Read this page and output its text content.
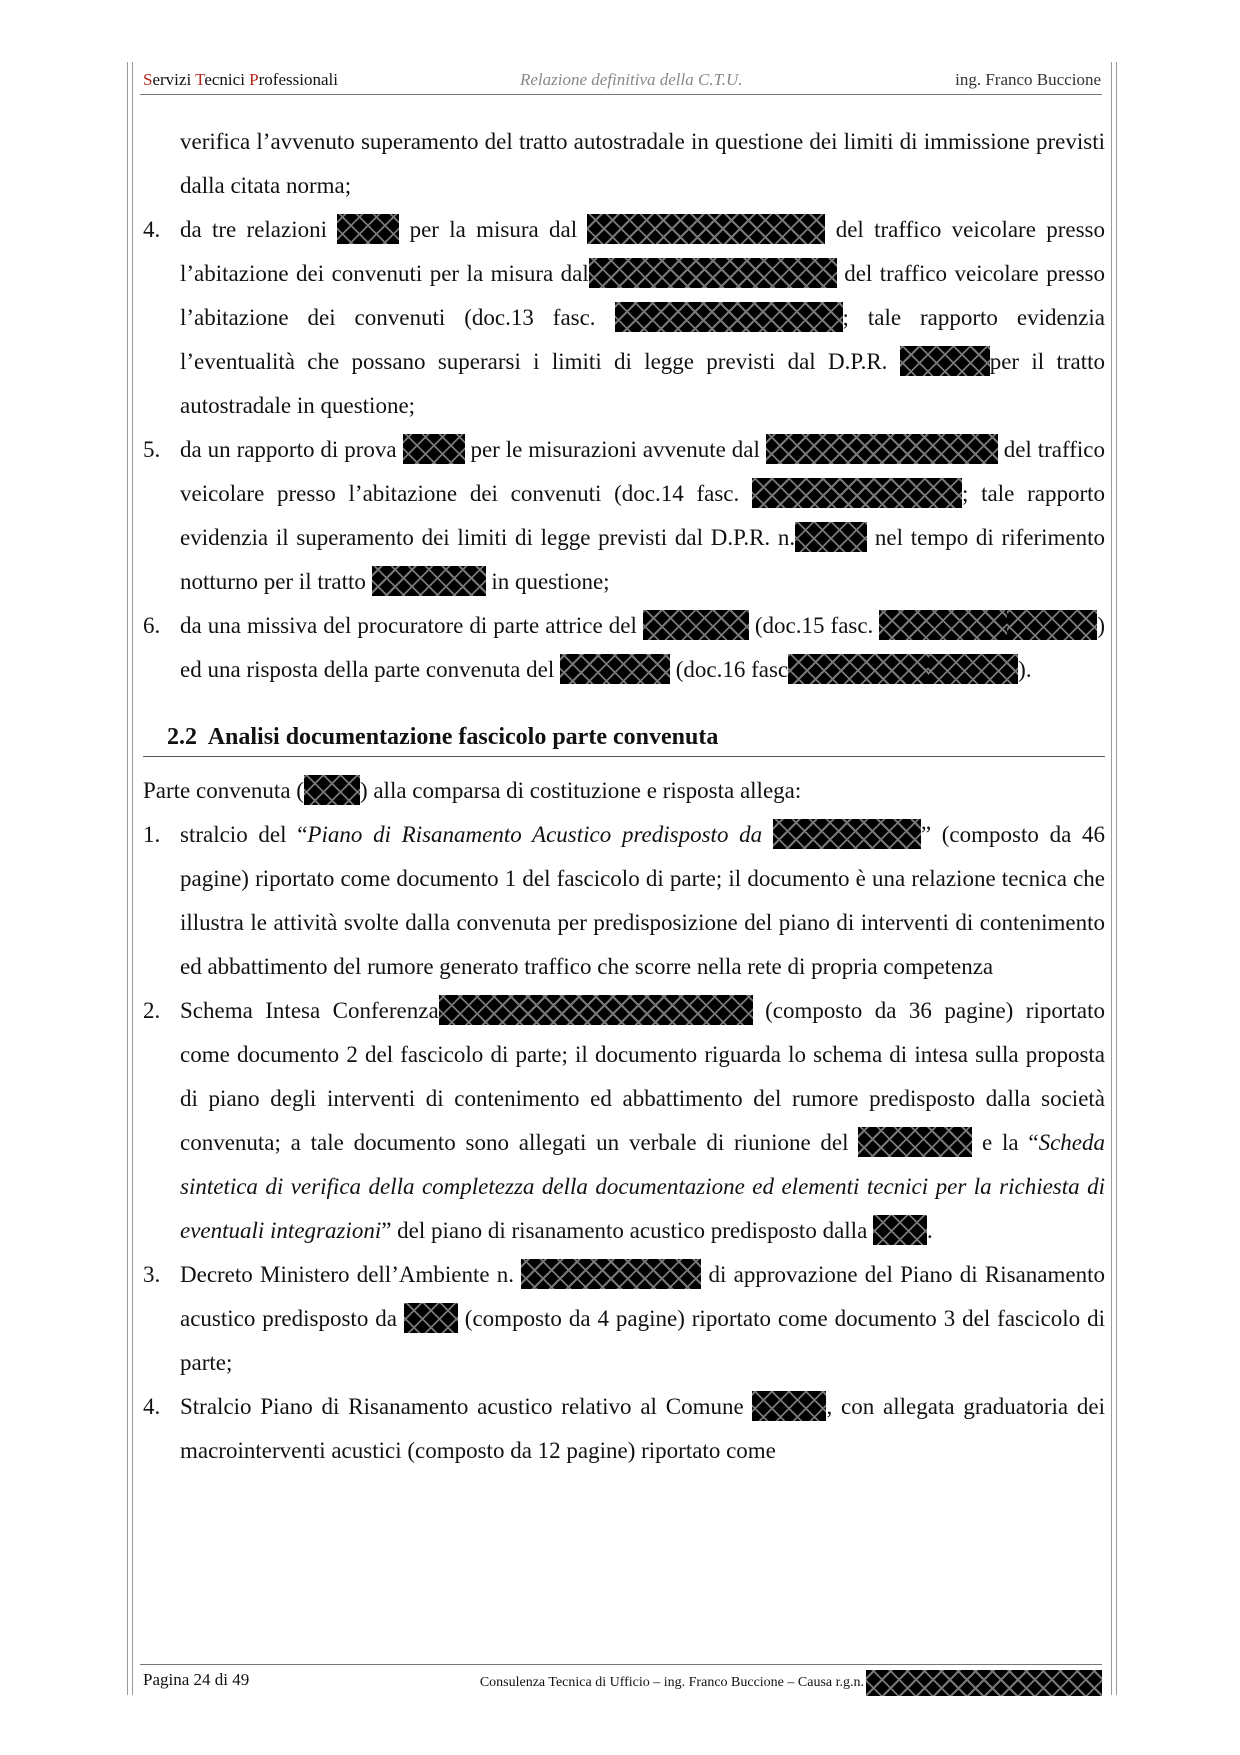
Servizi Tecnici Professionali	Relazione definitiva della C.T.U.	ing. Franco Buccione
verifica l’avvenuto superamento del tratto autostradale in questione dei limiti di immissione previsti dalla citata norma;
4. da tre relazioni	per la misura dal	del traffico veicolare presso l’abitazione dei convenuti per la misura dal	del traffico veicolare presso l’abitazione dei convenuti (doc.13 fasc.	; tale rapporto evidenzia l’eventualità che possano superarsi i limiti di legge previsti dal D.P.R.	per il tratto autostradale in questione;
5. da un rapporto di prova	per le misurazioni avvenute dal	del traffico veicolare presso l’abitazione dei convenuti (doc.14 fasc.	; tale rapporto evidenzia il superamento dei limiti di legge previsti dal D.P.R. n.	nel tempo di riferimento notturno per il tratto	in questione;
6. da una missiva del procuratore di parte attrice del	(doc.15 fasc.	) ed una risposta della parte convenuta del	(doc.16 fasc	).
2.2 Analisi documentazione fascicolo parte convenuta
Parte convenuta ( ) alla comparsa di costituzione e risposta allega:
1. stralcio del “Piano di Risanamento Acustico predisposto da	” (composto da 46 pagine) riportato come documento 1 del fascicolo di parte; il documento è una relazione tecnica che illustra le attività svolte dalla convenuta per predisposizione del piano di interventi di contenimento ed abbattimento del rumore generato traffico che scorre nella rete di propria competenza
2. Schema Intesa Conferenza	(composto da 36 pagine) riportato come documento 2 del fascicolo di parte; il documento riguarda lo schema di intesa sulla proposta di piano degli interventi di contenimento ed abbattimento del rumore predisposto dalla società convenuta; a tale documento sono allegati un verbale di riunione del	e la “Scheda sintetica di verifica della completezza della documentazione ed elementi tecnici per la richiesta di eventuali integrazioni” del piano di risanamento acustico predisposto dalla .
3. Decreto Ministero dell’Ambiente n.	di approvazione del Piano di Risanamento acustico predisposto da  (composto da 4 pagine) riportato come documento 3 del fascicolo di parte;
4. Stralcio Piano di Risanamento acustico relativo al Comune	, con allegata graduatoria dei macrointerventi acustici (composto da 12 pagine) riportato come
Pagina 24 di 49	Consulenza Tecnica di Ufficio – ing. Franco Buccione – Causa r.g.n.
